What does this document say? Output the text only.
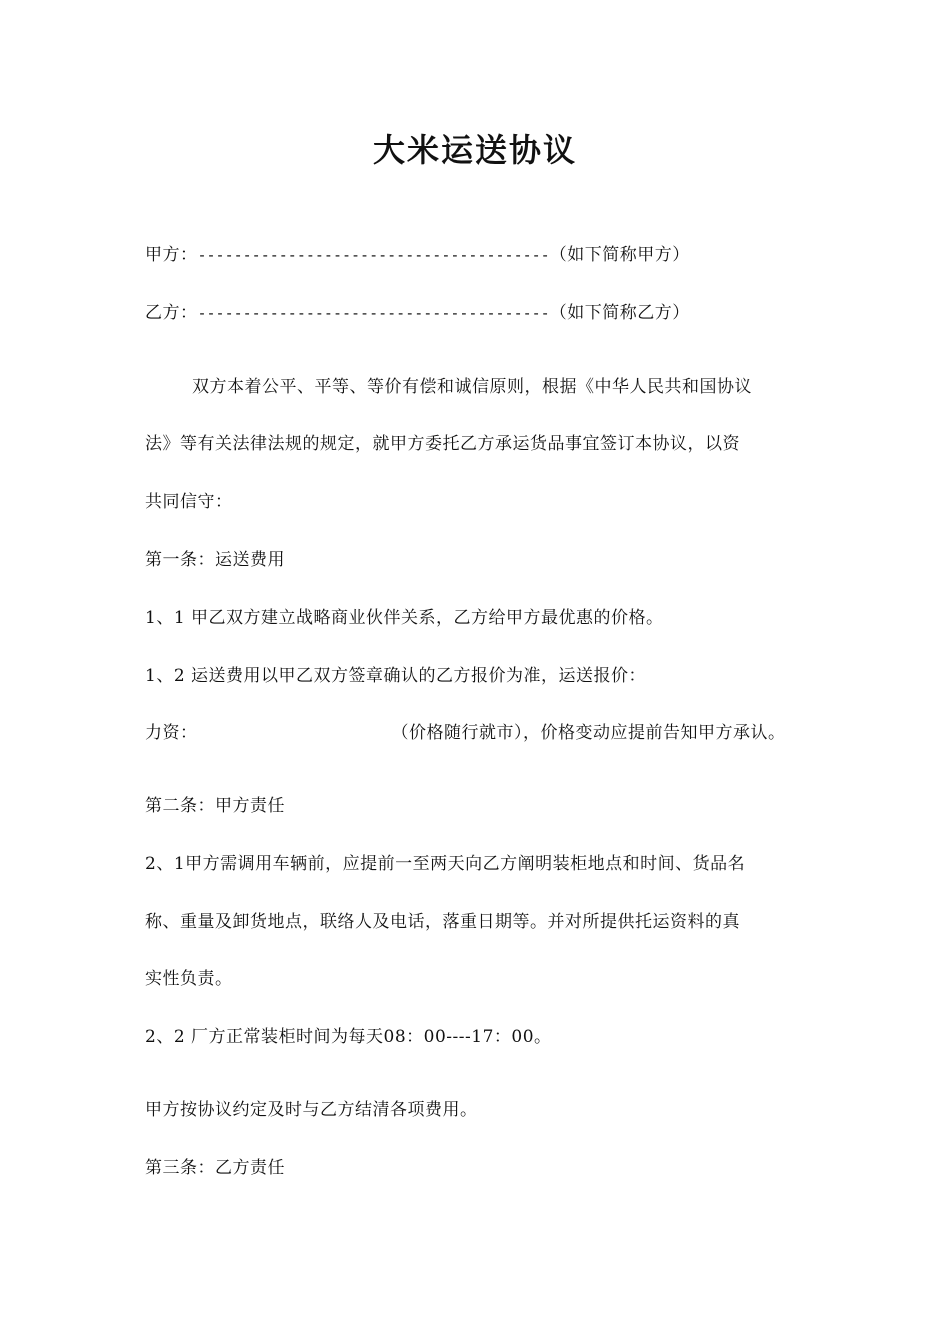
大米运送协议
甲方：---------------------------------------（如下简称甲方）
乙方：---------------------------------------（如下简称乙方）
双方本着公平、平等、等价有偿和诚信原则，根据《中华人民共和国协议
法》等有关法律法规的规定，就甲方委托乙方承运货品事宜签订本协议，以资
共同信守：
第一条：运送费用
1、1 甲乙双方建立战略商业伙伴关系，乙方给甲方最优惠的价格。
1、2 运送费用以甲乙双方签章确认的乙方报价为准，运送报价：
力资：	（价格随行就市），价格变动应提前告知甲方承认。
第二条：甲方责任
2、1甲方需调用车辆前，应提前一至两天向乙方阐明装柜地点和时间、货品名
称、重量及卸货地点，联络人及电话，落重日期等。并对所提供托运资料的真
实性负责。
2、2 厂方正常装柜时间为每天08：00----17：00。
甲方按协议约定及时与乙方结清各项费用。
第三条：乙方责任
